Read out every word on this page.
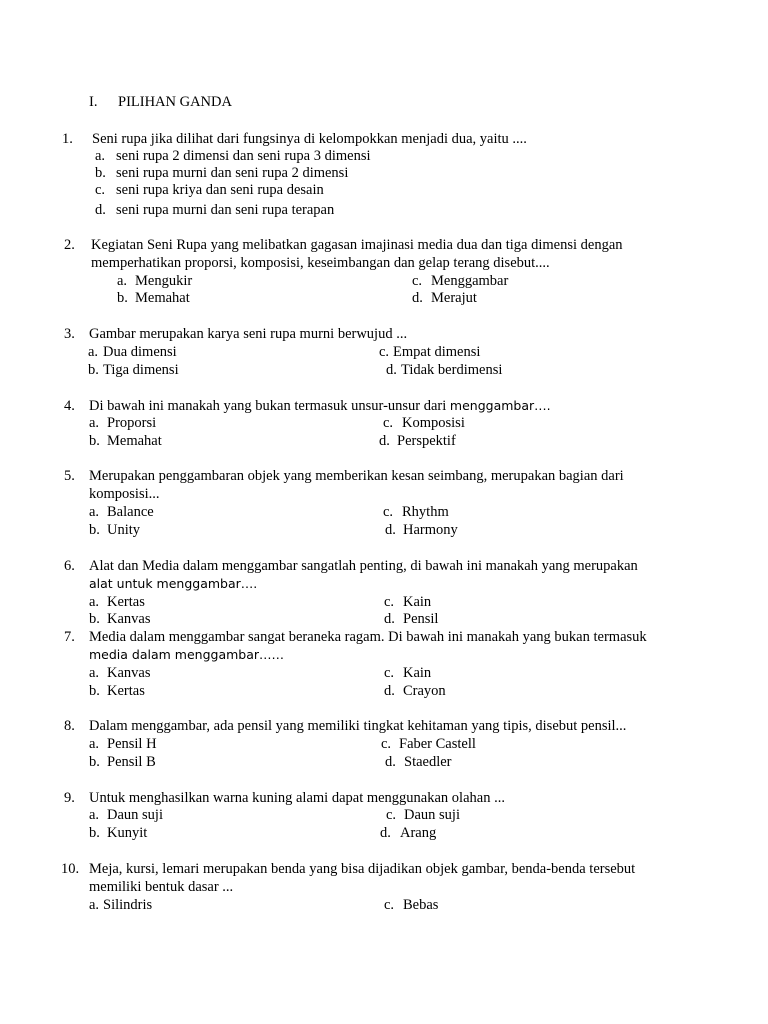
I. PILIHAN GANDA
1. Seni rupa jika dilihat dari fungsinya di kelompokkan menjadi dua, yaitu ....
a. seni rupa 2 dimensi dan seni rupa 3 dimensi
b. seni rupa murni dan seni rupa 2 dimensi
c. seni rupa kriya dan seni rupa desain
d. seni rupa murni dan seni rupa terapan
2. Kegiatan Seni Rupa yang melibatkan gagasan imajinasi media dua dan tiga dimensi dengan
memperhatikan proporsi, komposisi, keseimbangan dan gelap terang disebut....
a. Mengukir
b. Memahat
c. Menggambar
d. Merajut
3. Gambar merupakan karya seni rupa murni berwujud ...
a. Dua dimensi
b. Tiga dimensi
c. Empat dimensi
d. Tidak berdimensi
4. Di bawah ini manakah yang bukan termasuk unsur-unsur dari menggambar….
a. Proporsi
b. Memahat
c. Komposisi
d. Perspektif
5. Merupakan penggambaran objek yang memberikan kesan seimbang, merupakan bagian dari
komposisi...
a. Balance
b. Unity
c. Rhythm
d. Harmony
6. Alat dan Media dalam menggambar sangatlah penting, di bawah ini manakah yang merupakan
alat untuk menggambar….
a. Kertas
b. Kanvas
c. Kain
d. Pensil
7. Media dalam menggambar sangat beraneka ragam. Di bawah ini manakah yang bukan termasuk
media dalam menggambar……
a. Kanvas
b. Kertas
c. Kain
d. Crayon
8. Dalam menggambar, ada pensil yang memiliki tingkat kehitaman yang tipis, disebut pensil...
a. Pensil H
b. Pensil B
c. Faber Castell
d. Staedler
9. Untuk menghasilkan warna kuning alami dapat menggunakan olahan ...
a. Daun suji
b. Kunyit
c. Daun suji
d. Arang
10. Meja, kursi, lemari merupakan benda yang bisa dijadikan objek gambar, benda-benda tersebut
memiliki bentuk dasar ...
a. Silindris	c. Bebas
